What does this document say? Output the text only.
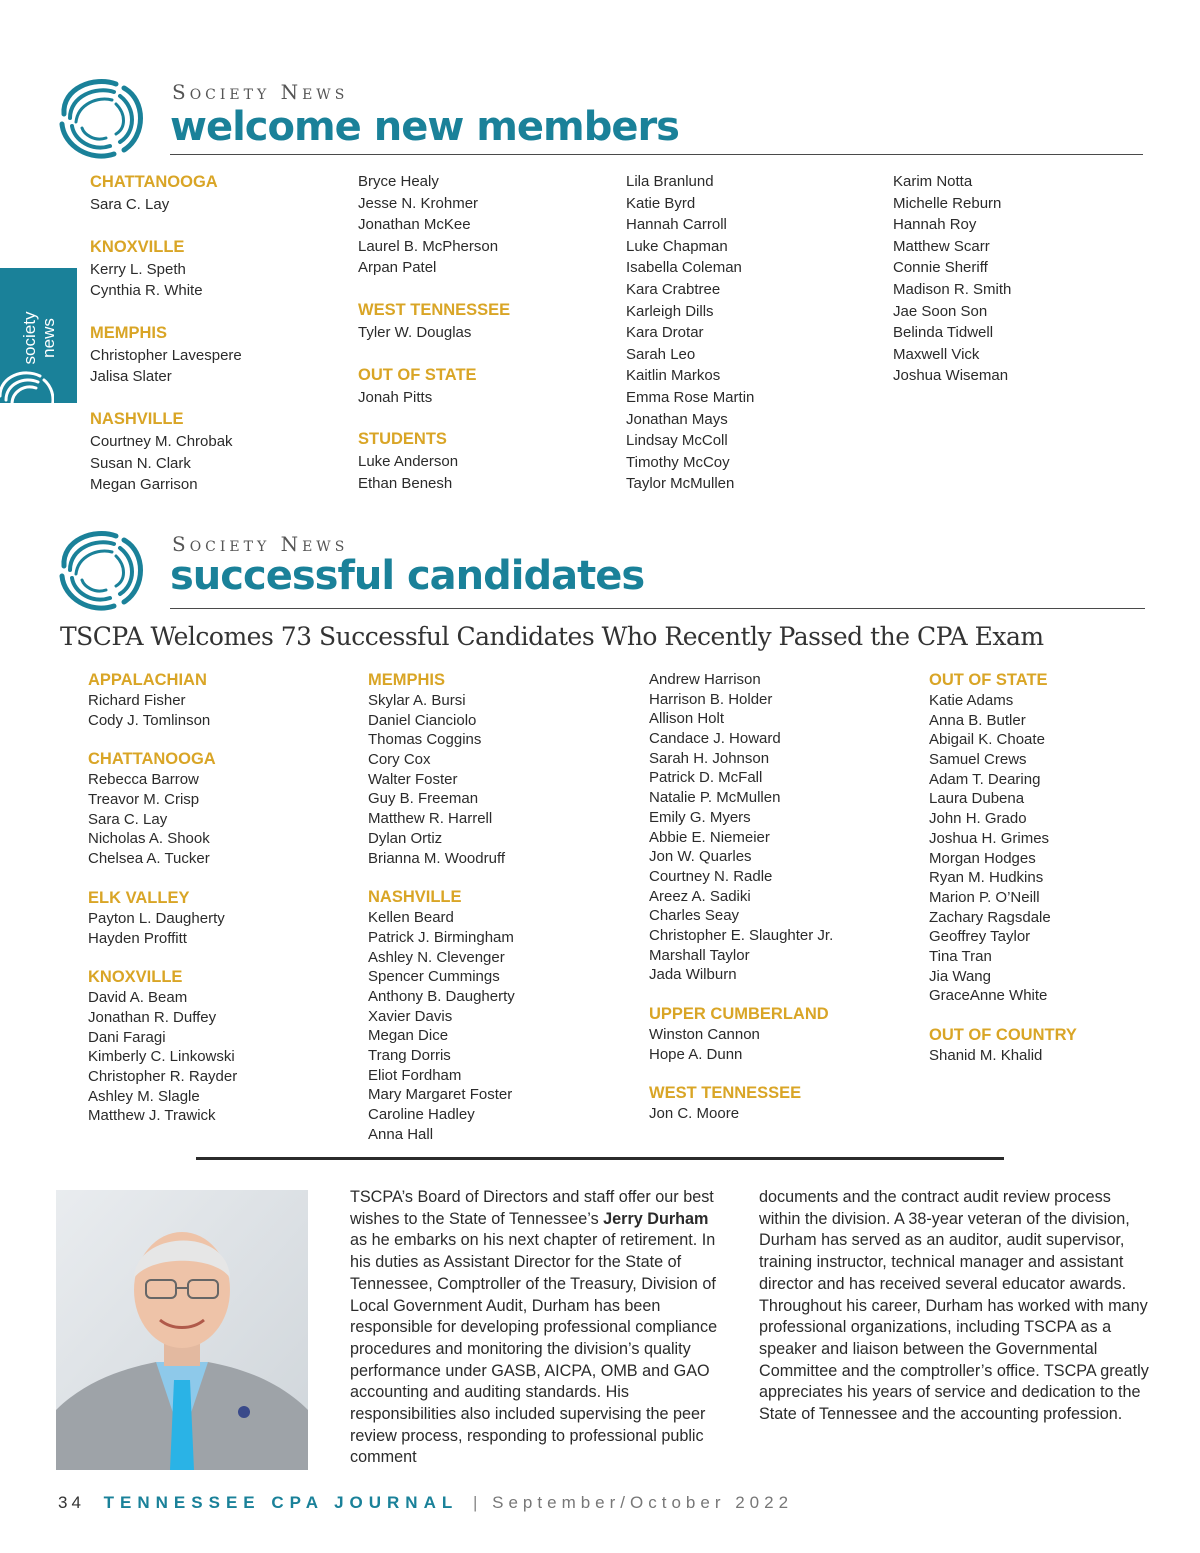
Society News
welcome new members
society news
CHATTANOOGA
Sara C. Lay
KNOXVILLE
Kerry L. Speth
Cynthia R. White
MEMPHIS
Christopher Lavespere
Jalisa Slater
NASHVILLE
Courtney M. Chrobak
Susan N. Clark
Megan Garrison
Bryce Healy
Jesse N. Krohmer
Jonathan McKee
Laurel B. McPherson
Arpan Patel
WEST TENNESSEE
Tyler W. Douglas
OUT OF STATE
Jonah Pitts
STUDENTS
Luke Anderson
Ethan Benesh
Lila Branlund
Katie Byrd
Hannah Carroll
Luke Chapman
Isabella Coleman
Kara Crabtree
Karleigh Dills
Kara Drotar
Sarah Leo
Kaitlin Markos
Emma Rose Martin
Jonathan Mays
Lindsay McColl
Timothy McCoy
Taylor McMullen
Karim Notta
Michelle Reburn
Hannah Roy
Matthew Scarr
Connie Sheriff
Madison R. Smith
Jae Soon Son
Belinda Tidwell
Maxwell Vick
Joshua Wiseman
Society News
successful candidates
TSCPA Welcomes 73 Successful Candidates Who Recently Passed the CPA Exam
APPALACHIAN
Richard Fisher
Cody J. Tomlinson
CHATTANOOGA
Rebecca Barrow
Treavor M. Crisp
Sara C. Lay
Nicholas A. Shook
Chelsea A. Tucker
ELK VALLEY
Payton L. Daugherty
Hayden Proffitt
KNOXVILLE
David A. Beam
Jonathan R. Duffey
Dani Faragi
Kimberly C. Linkowski
Christopher R. Rayder
Ashley M. Slagle
Matthew J. Trawick
MEMPHIS
Skylar A. Bursi
Daniel Cianciolo
Thomas Coggins
Cory Cox
Walter Foster
Guy B. Freeman
Matthew R. Harrell
Dylan Ortiz
Brianna M. Woodruff
NASHVILLE
Kellen Beard
Patrick J. Birmingham
Ashley N. Clevenger
Spencer Cummings
Anthony B. Daugherty
Xavier Davis
Megan Dice
Trang Dorris
Eliot Fordham
Mary Margaret Foster
Caroline Hadley
Anna Hall
Andrew Harrison
Harrison B. Holder
Allison Holt
Candace J. Howard
Sarah H. Johnson
Patrick D. McFall
Natalie P. McMullen
Emily G. Myers
Abbie E. Niemeier
Jon W. Quarles
Courtney N. Radle
Areez A. Sadiki
Charles Seay
Christopher E. Slaughter Jr.
Marshall Taylor
Jada Wilburn
UPPER CUMBERLAND
Winston Cannon
Hope A. Dunn
WEST TENNESSEE
Jon C. Moore
OUT OF STATE
Katie Adams
Anna B. Butler
Abigail K. Choate
Samuel Crews
Adam T. Dearing
Laura Dubena
John H. Grado
Joshua H. Grimes
Morgan Hodges
Ryan M. Hudkins
Marion P. O’Neill
Zachary Ragsdale
Geoffrey Taylor
Tina Tran
Jia Wang
GraceAnne White
OUT OF COUNTRY
Shanid M. Khalid
TSCPA’s Board of Directors and staff offer our best wishes to the State of Tennessee’s Jerry Durham as he embarks on his next chapter of retirement. In his duties as Assistant Director for the State of Tennessee, Comptroller of the Treasury, Division of Local Government Audit, Durham has been responsible for developing professional compliance procedures and monitoring the division’s quality performance under GASB, AICPA, OMB and GAO accounting and auditing standards. His responsibilities also included supervising the peer review process, responding to professional public comment
documents and the contract audit review process within the division. A 38-year veteran of the division, Durham has served as an auditor, audit supervisor, training instructor, technical manager and assistant director and has received several educator awards. Throughout his career, Durham has worked with many professional organizations, including TSCPA as a speaker and liaison between the Governmental Committee and the comptroller’s office. TSCPA greatly appreciates his years of service and dedication to the State of Tennessee and the accounting profession.
34 TENNESSEE CPA JOURNAL | September/October 2022
